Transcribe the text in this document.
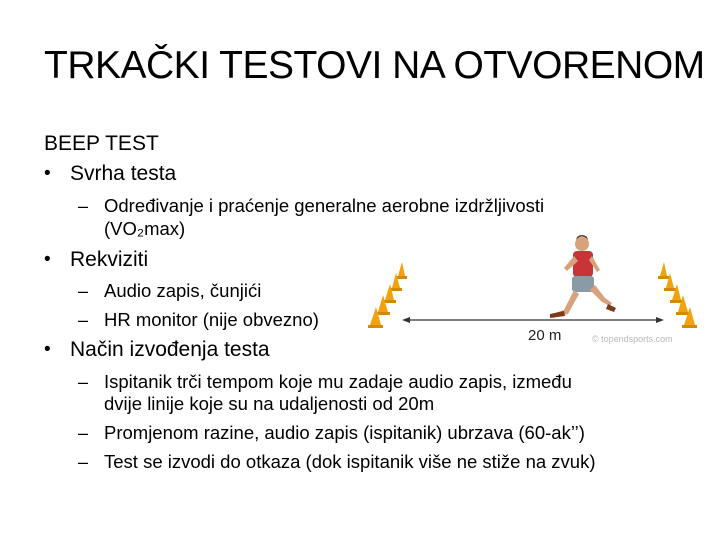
TRKAČKI TESTOVI NA OTVORENOM
BEEP TEST
• Svrha testa
– Određivanje i praćenje generalne aerobne izdržljivosti
(VO₂max)
• Rekviziti
– Audio zapis, čunjići
– HR monitor (nije obvezno)
• Način izvođenja testa
– Ispitanik trči tempom koje mu zadaje audio zapis, između
dvije linije koje su na udaljenosti od 20m
– Promjenom razine, audio zapis (ispitanik) ubrzava (60-ak’’)
– Test se izvodi do otkaza (dok ispitanik više ne stiže na zvuk)
20 m	© topendsports.com
